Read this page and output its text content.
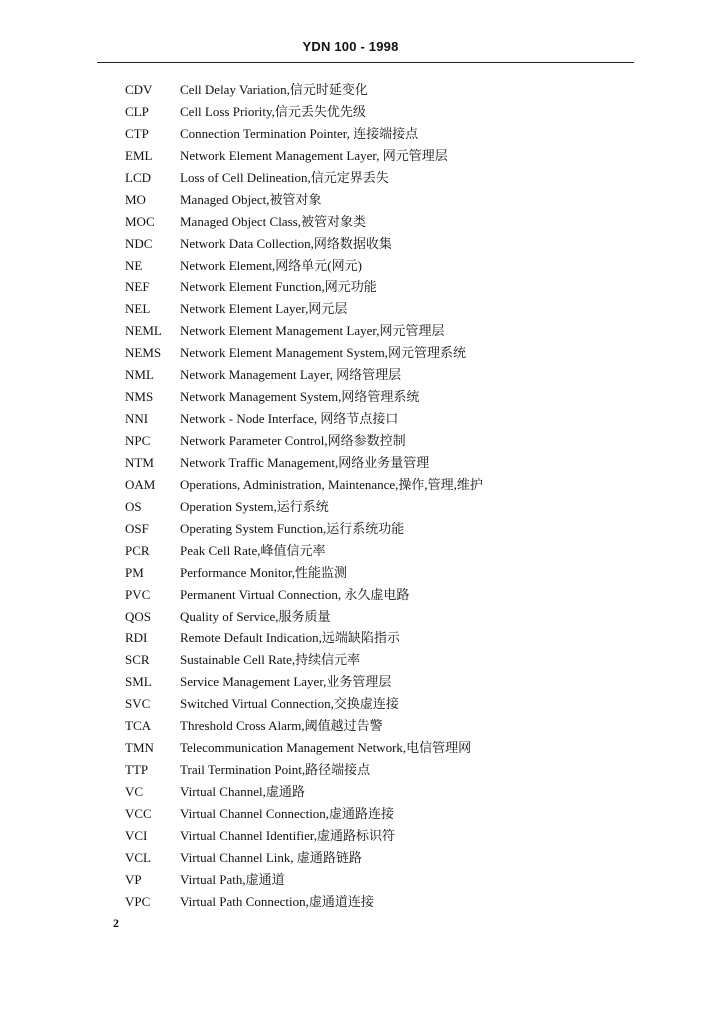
YDN 100 - 1998
CDV Cell Delay Variation,信元时延变化
CLP Cell Loss Priority,信元丢失优先级
CTP Connection Termination Pointer, 连接端接点
EML Network Element Management Layer, 网元管理层
LCD Loss of Cell Delineation,信元定界丢失
MO	Managed Object,被管对象
MOC Managed Object Class,被管对象类
NDC Network Data Collection,网络数据收集
NE	Network Element,网络单元(网元)
NEF Network Element Function,网元功能
NEL Network Element Layer,网元层
NEML Network Element Management Layer,网元管理层
NEMS Network Element Management System,网元管理系统
NML Network Management Layer, 网络管理层
NMS Network Management System,网络管理系统
NNI Network - Node Interface, 网络节点接口
NPC Network Parameter Control,网络参数控制
NTM Network Traffic Management,网络业务量管理
OAM Operations, Administration, Maintenance,操作,管理,维护
OS	Operation System,运行系统
OSF Operating System Function,运行系统功能
PCR Peak Cell Rate,峰值信元率
PM	Performance Monitor,性能监测
PVC Permanent Virtual Connection, 永久虚电路
QOS Quality of Service,服务质量
RDI	Remote Default Indication,远端缺陷指示
SCR Sustainable Cell Rate,持续信元率
SML Service Management Layer,业务管理层
SVC Switched Virtual Connection,交换虚连接
TCA Threshold Cross Alarm,阈值越过告警
TMN Telecommunication Management Network,电信管理网
TTP Trail Termination Point,路径端接点
VC	Virtual Channel,虚通路
VCC Virtual Channel Connection,虚通路连接
VCI	Virtual Channel Identifier,虚通路标识符
VCL Virtual Channel Link, 虚通路链路
VP	Virtual Path,虚通道
VPC Virtual Path Connection,虚通道连接
2
